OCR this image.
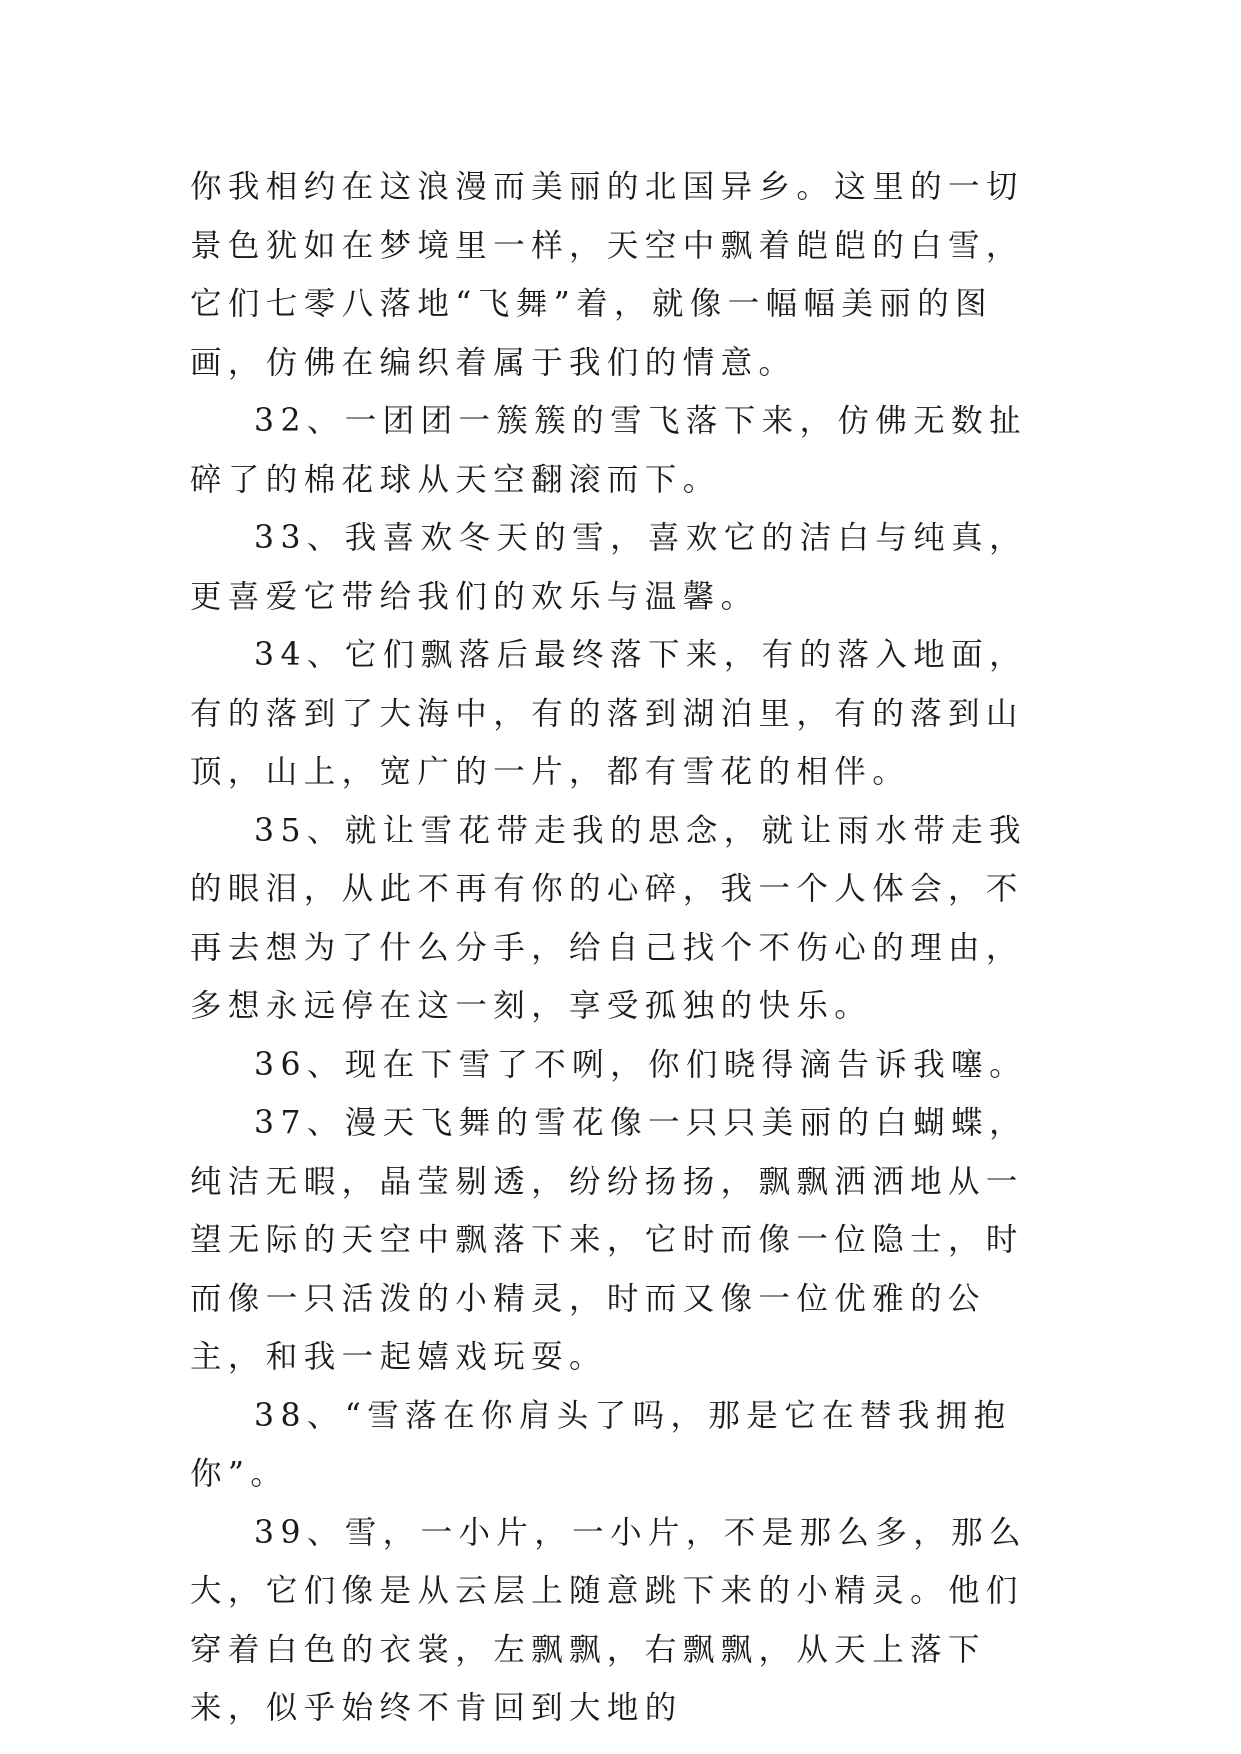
你我相约在这浪漫而美丽的北国异乡。这里的一切景色犹如在梦境里一样，天空中飘着皑皑的白雪，它们七零八落地“飞舞”着，就像一幅幅美丽的图画，仿佛在编织着属于我们的情意。

32、一团团一簇簇的雪飞落下来，仿佛无数扯碎了的棉花球从天空翻滚而下。

33、我喜欢冬天的雪，喜欢它的洁白与纯真，更喜爱它带给我们的欢乐与温馨。

34、它们飘落后最终落下来，有的落入地面，有的落到了大海中，有的落到湖泊里，有的落到山顶，山上，宽广的一片，都有雪花的相伴。

35、就让雪花带走我的思念，就让雨水带走我的眼泪，从此不再有你的心碎，我一个人体会，不再去想为了什么分手，给自己找个不伤心的理由，多想永远停在这一刻，享受孤独的快乐。

36、现在下雪了不咧，你们晓得滴告诉我噻。

37、漫天飞舞的雪花像一只只美丽的白蝴蝶，纯洁无暇，晶莹剔透，纷纷扬扬，飘飘洒洒地从一望无际的天空中飘落下来，它时而像一位隐士，时而像一只活泼的小精灵，时而又像一位优雅的公主，和我一起嬉戏玩耍。

38、“雪落在你肩头了吗，那是它在替我拥抱你”。

39、雪，一小片，一小片，不是那么多，那么大，它们像是从云层上随意跳下来的小精灵。他们穿着白色的衣裳，左飘飘，右飘飘，从天上落下来，似乎始终不肯回到大地的
